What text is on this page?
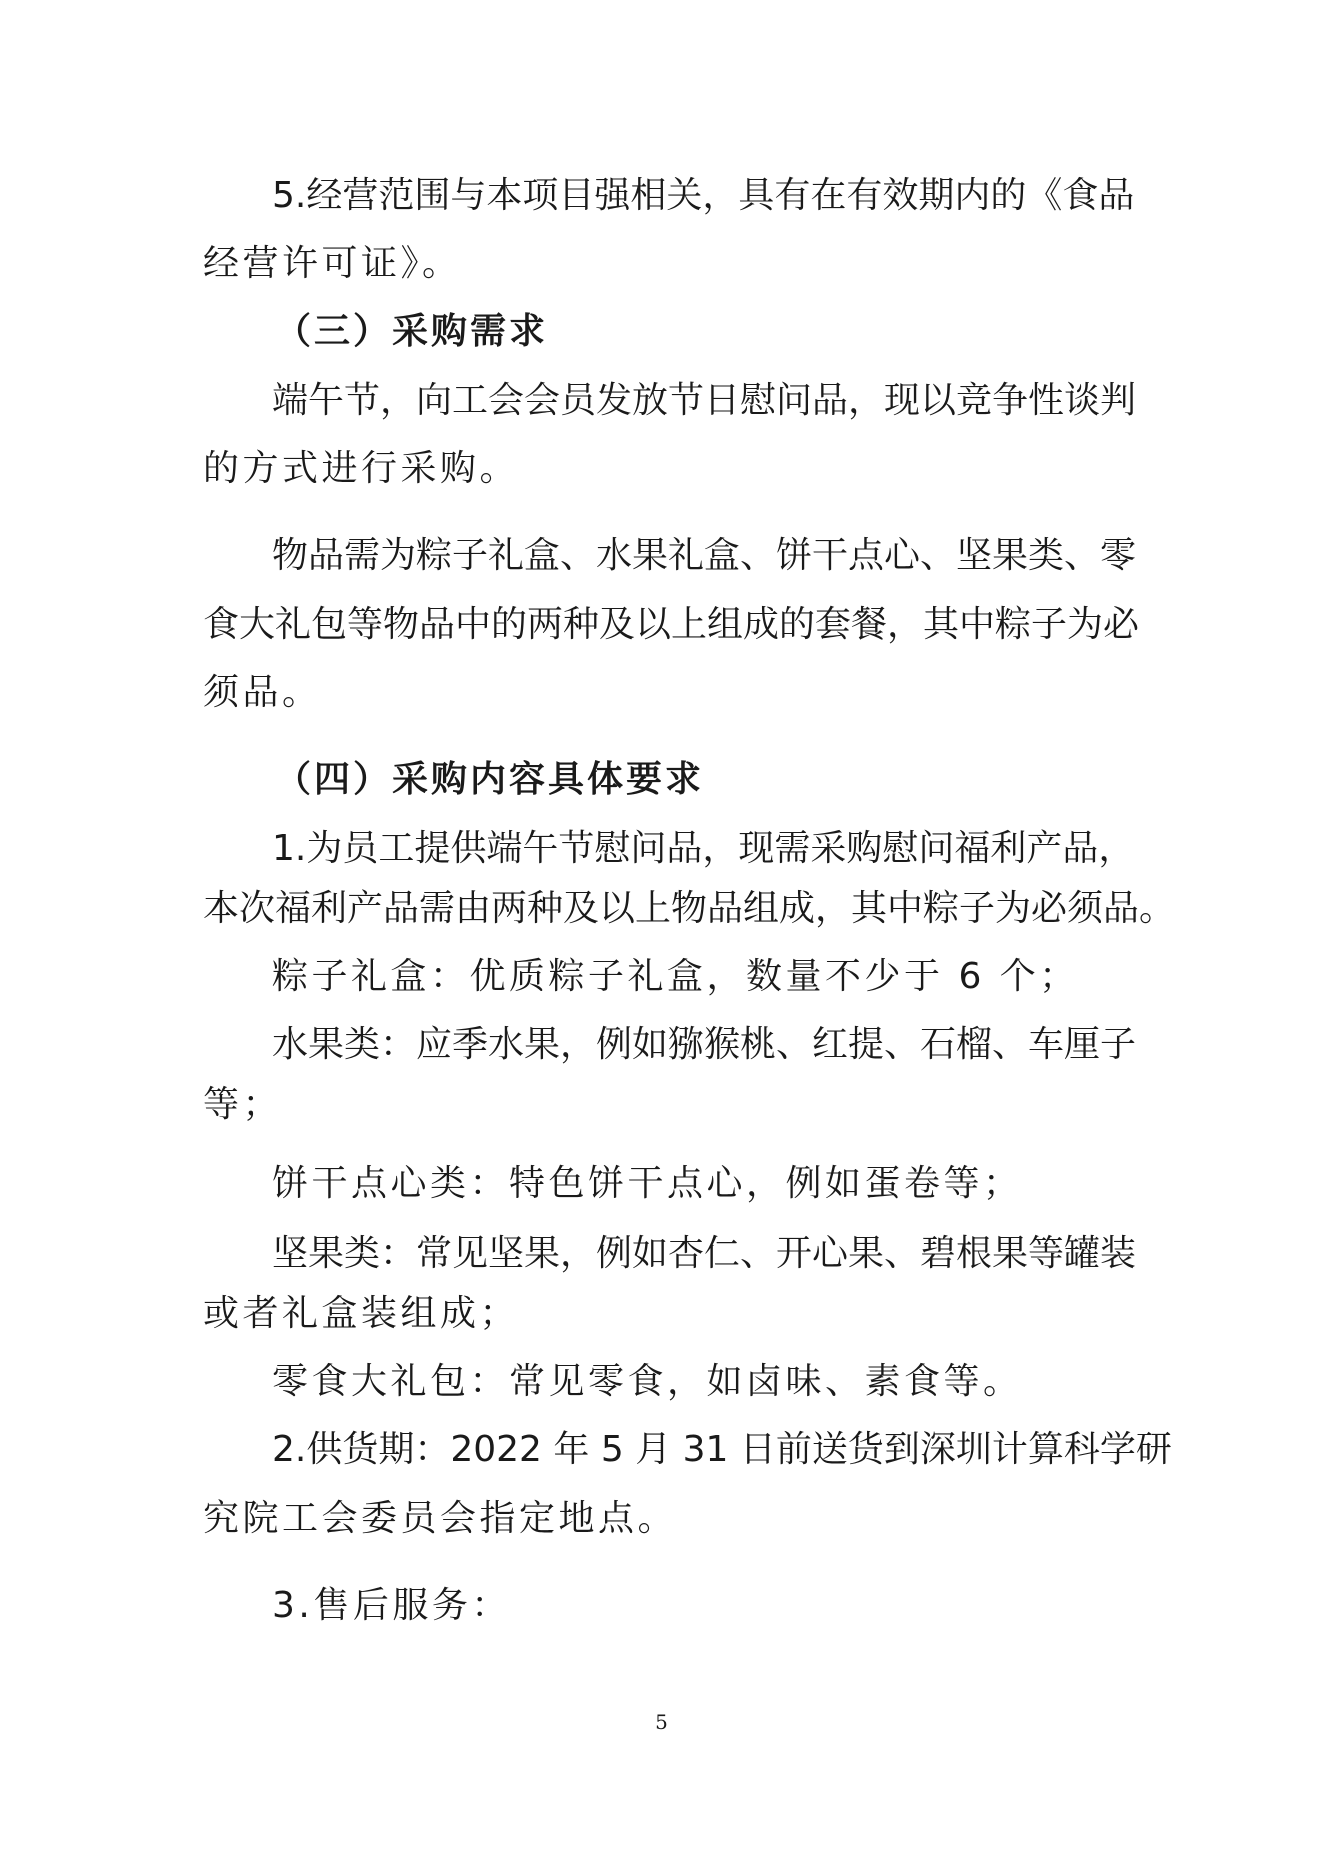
5.经营范围与本项目强相关，具有在有效期内的《食品
经营许可证》。
（三）采购需求
端午节，向工会会员发放节日慰问品，现以竞争性谈判
的方式进行采购。
物品需为粽子礼盒、水果礼盒、饼干点心、坚果类、零
食大礼包等物品中的两种及以上组成的套餐，其中粽子为必
须品。
（四）采购内容具体要求
1.为员工提供端午节慰问品，现需采购慰问福利产品，
本次福利产品需由两种及以上物品组成，其中粽子为必须品。
粽子礼盒：优质粽子礼盒，数量不少于 6 个；
水果类：应季水果，例如猕猴桃、红提、石榴、车厘子
等；
饼干点心类：特色饼干点心，例如蛋卷等；
坚果类：常见坚果，例如杏仁、开心果、碧根果等罐装
或者礼盒装组成；
零食大礼包：常见零食，如卤味、素食等。
2.供货期：2022 年 5 月 31 日前送货到深圳计算科学研
究院工会委员会指定地点。
3.售后服务：
5
